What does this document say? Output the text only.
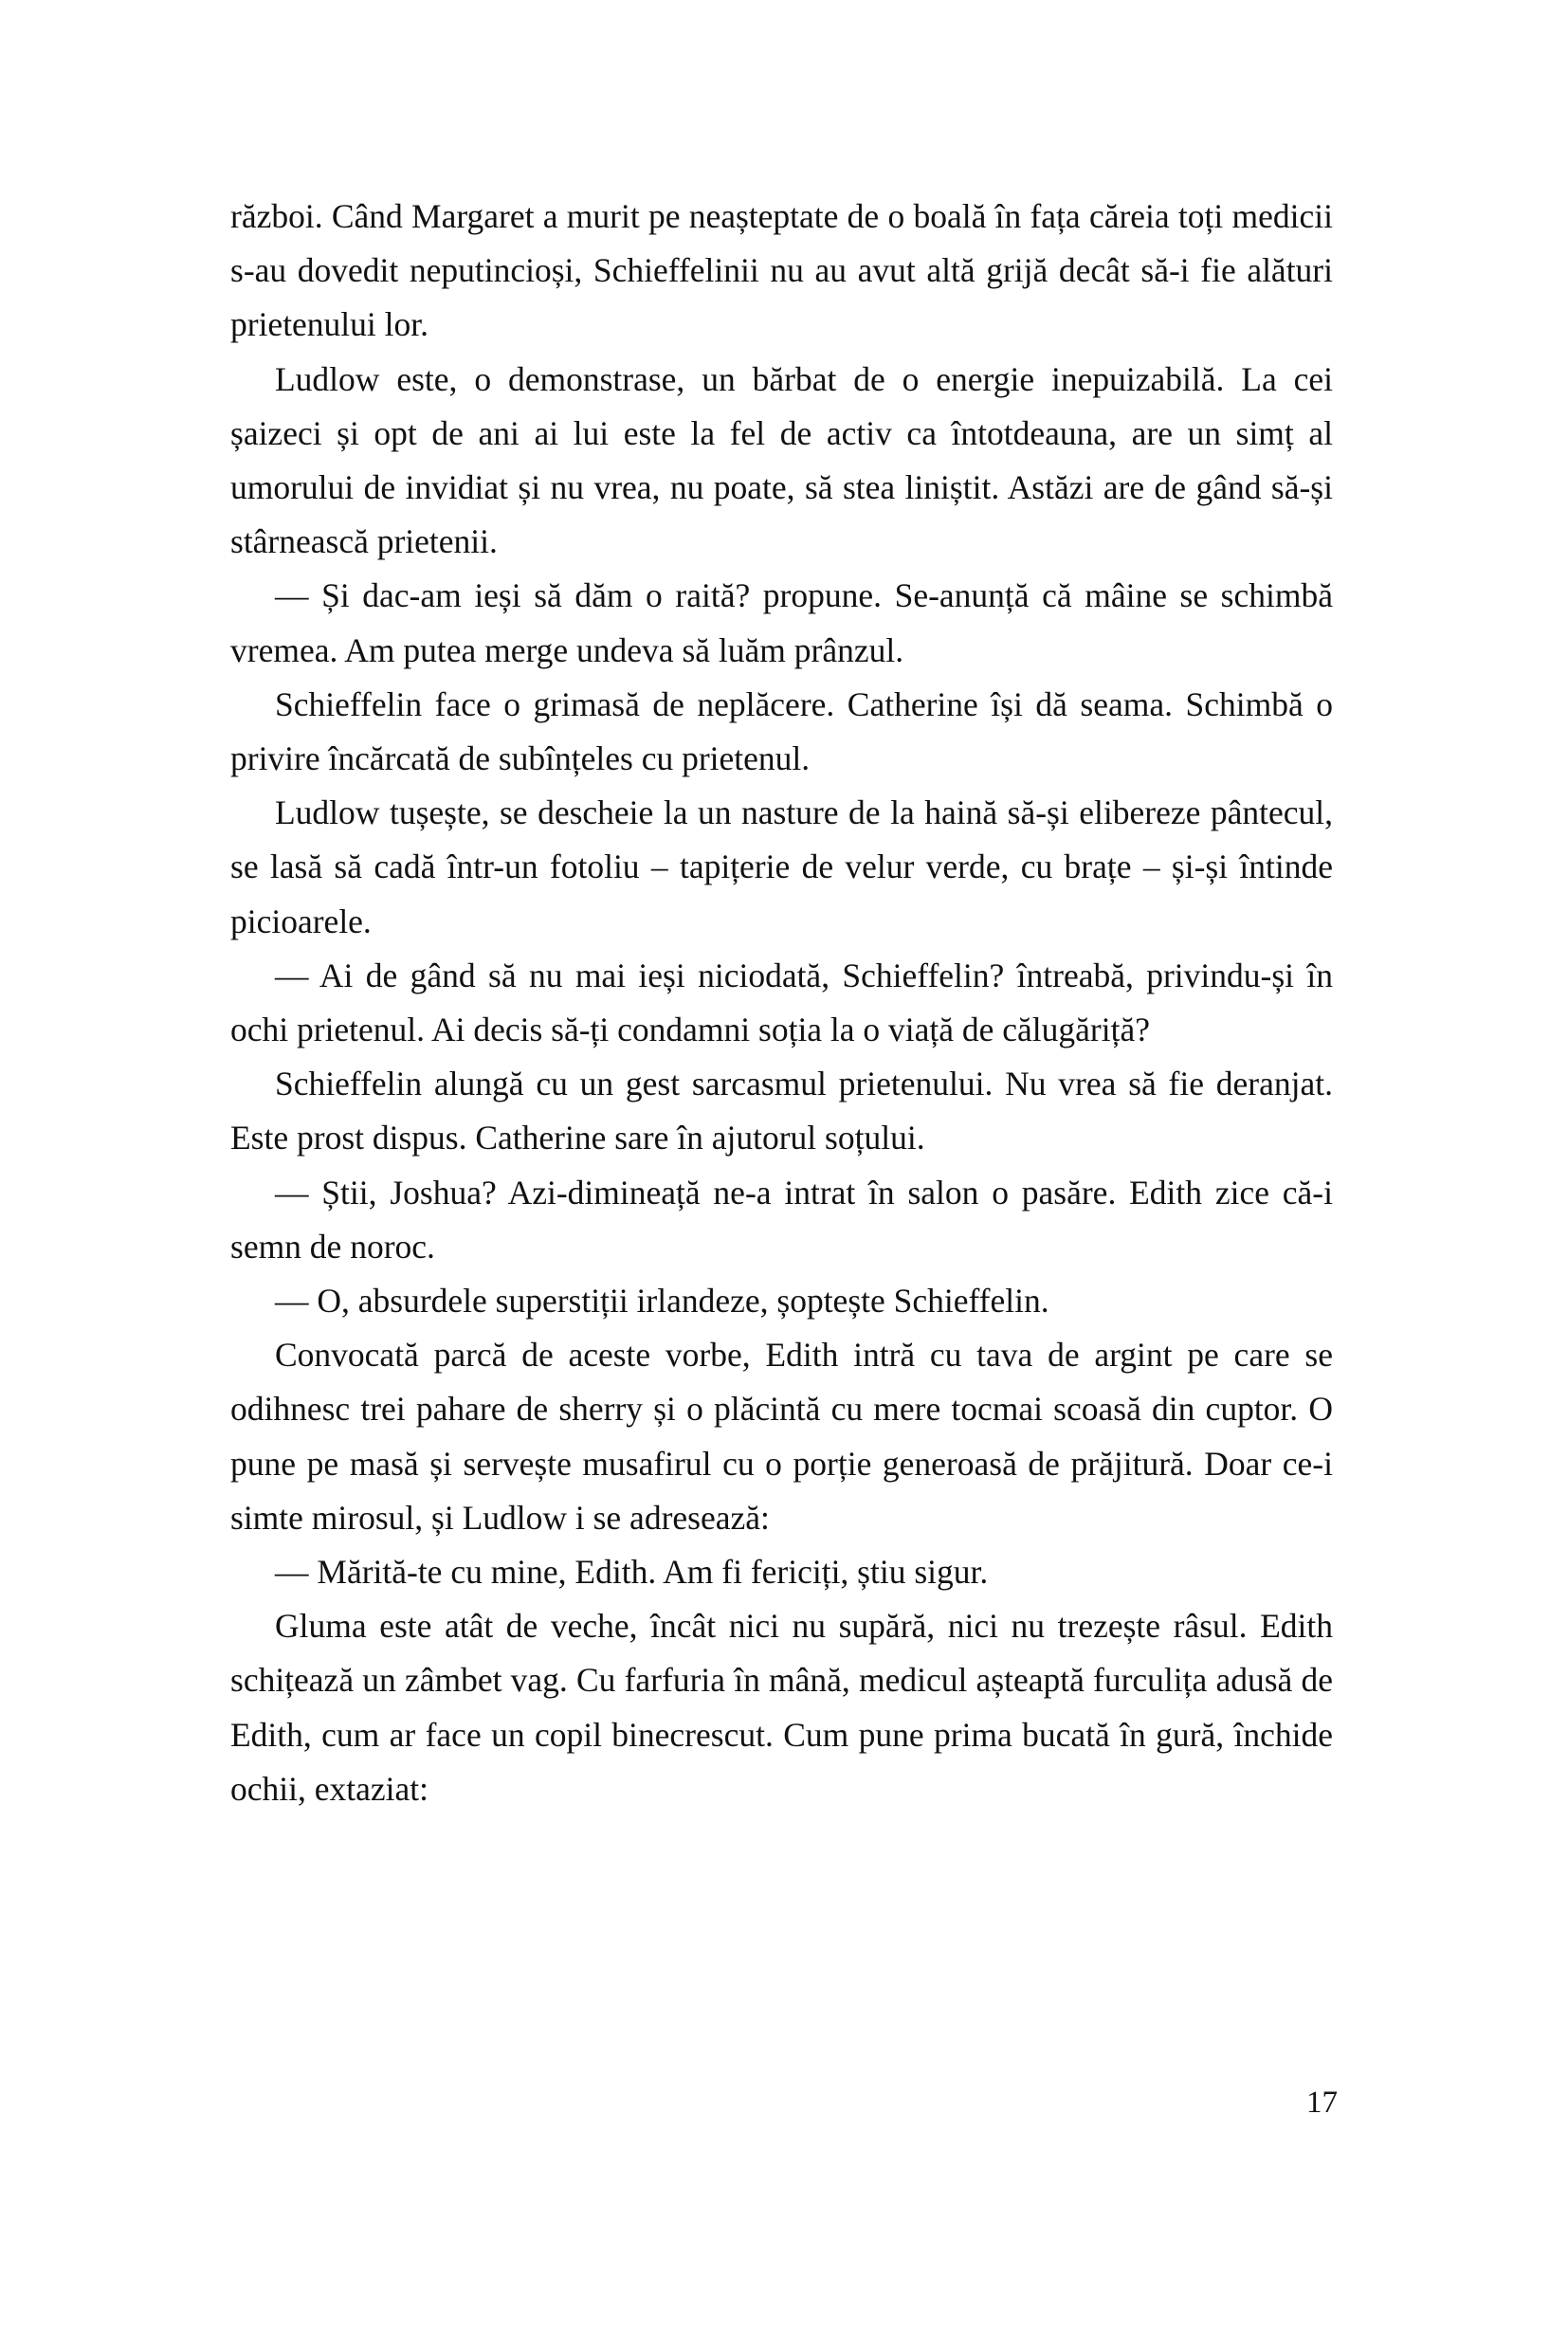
război. Când Margaret a murit pe neașteptate de o boală în fața căreia toți medicii s-au dovedit neputincioși, Schieffelinii nu au avut altă grijă decât să-i fie alături prietenului lor.

Ludlow este, o demonstrase, un bărbat de o energie inepuizabilă. La cei șaizeci și opt de ani ai lui este la fel de activ ca întotdeauna, are un simț al umorului de invidiat și nu vrea, nu poate, să stea liniștit. Astăzi are de gând să-și stârnească prietenii.

— Și dac-am ieși să dăm o raită? propune. Se-anunță că mâine se schimbă vremea. Am putea merge undeva să luăm prânzul.

Schieffelin face o grimasă de neplăcere. Catherine își dă seama. Schimbă o privire încărcată de subînțeles cu prietenul.

Ludlow tușește, se descheie la un nasture de la haină să-și elibereze pântecul, se lasă să cadă într-un fotoliu – tapițerie de velur verde, cu brațe – și-și întinde picioarele.

— Ai de gând să nu mai ieși niciodată, Schieffelin? întreabă, privindu-și în ochi prietenul. Ai decis să-ți condamni soția la o viață de călugăriță?

Schieffelin alungă cu un gest sarcasmul prietenului. Nu vrea să fie deranjat. Este prost dispus. Catherine sare în ajutorul soțului.

— Știi, Joshua? Azi-dimineață ne-a intrat în salon o pasăre. Edith zice că-i semn de noroc.

— O, absurdele superstiții irlandeze, șoptește Schieffelin.

Convocată parcă de aceste vorbe, Edith intră cu tava de argint pe care se odihnesc trei pahare de sherry și o plăcintă cu mere tocmai scoasă din cuptor. O pune pe masă și servește musafirul cu o porție generoasă de prăjitură. Doar ce-i simte mirosul, și Ludlow i se adresează:

— Mărită-te cu mine, Edith. Am fi fericiți, știu sigur.

Gluma este atât de veche, încât nici nu supără, nici nu trezește râsul. Edith schițează un zâmbet vag. Cu farfuria în mână, medicul așteaptă furculița adusă de Edith, cum ar face un copil binecrescut. Cum pune prima bucată în gură, închide ochii, extaziat:

17
